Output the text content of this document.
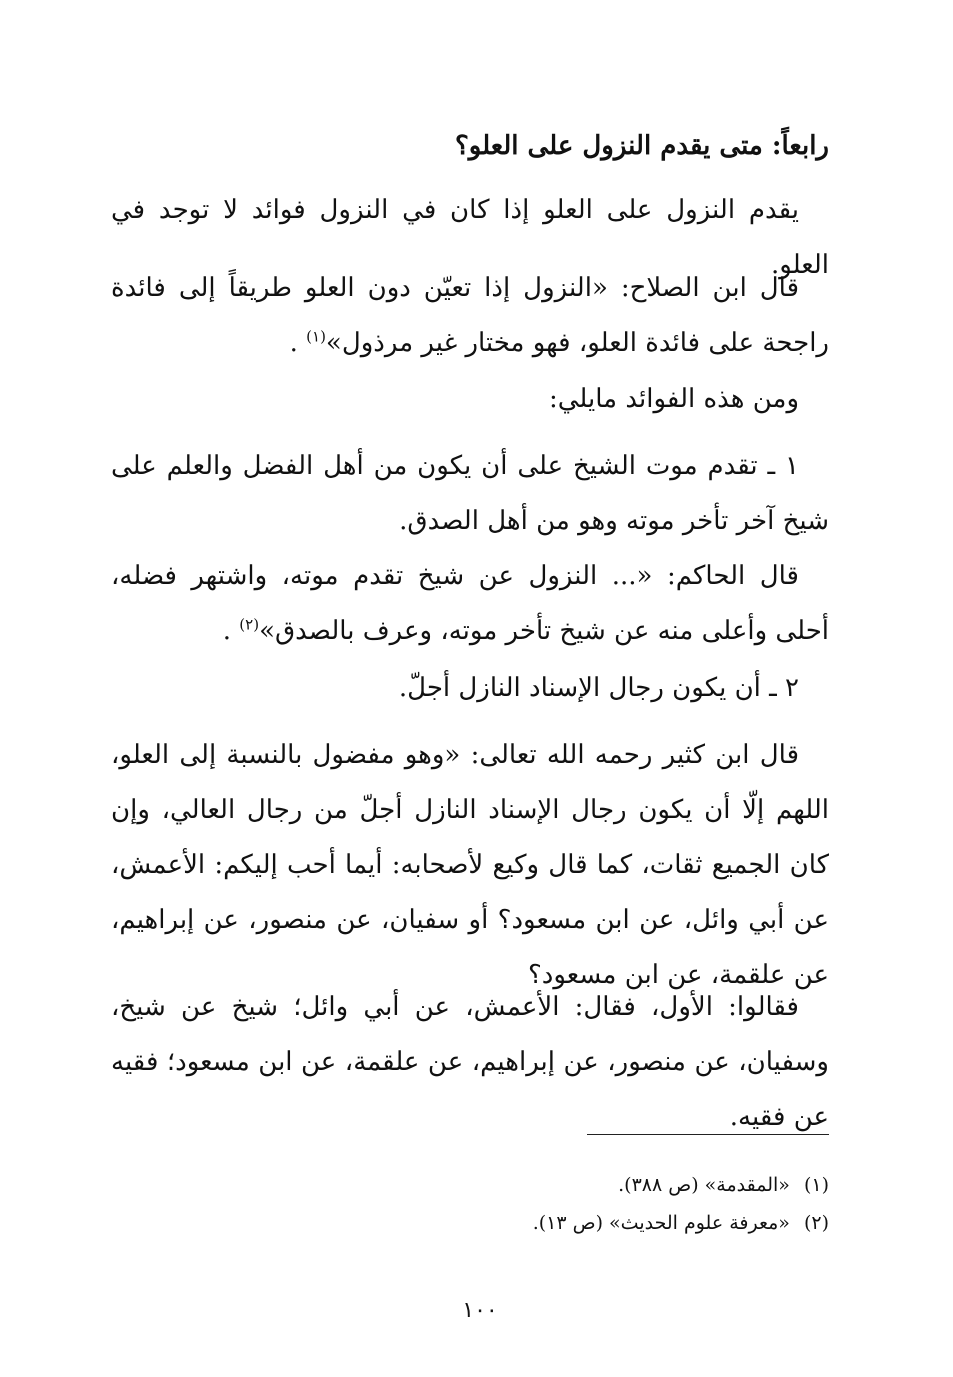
رابعاً: متى يقدم النزول على العلو؟

يقدم النزول على العلو إذا كان في النزول فوائد لا توجد في العلو.

قال ابن الصلاح: «النزول إذا تعيّن دون العلو طريقاً إلى فائدة راجحة على فائدة العلو، فهو مختار غير مرذول»$^{(١)}$ .

ومن هذه الفوائد مايلي:

١ ـ تقدم موت الشيخ على أن يكون من أهل الفضل والعلم على شيخ آخر تأخر موته وهو من أهل الصدق.

قال الحاكم: «... النزول عن شيخ تقدم موته، واشتهر فضله، أحلى وأعلى منه عن شيخ تأخر موته، وعرف بالصدق»$^{(٢)}$ .

٢ ـ أن يكون رجال الإسناد النازل أجلّ.

قال ابن كثير رحمه الله تعالى: «وهو مفضول بالنسبة إلى العلو، اللهم إلّا أن يكون رجال الإسناد النازل أجلّ من رجال العالي، وإن كان الجميع ثقات، كما قال وكيع لأصحابه: أيما أحب إليكم: الأعمش، عن أبي وائل، عن ابن مسعود؟ أو سفيان، عن منصور، عن إبراهيم، عن علقمة، عن ابن مسعود؟

فقالوا: الأول، فقال: الأعمش، عن أبي وائل؛ شيخ عن شيخ، وسفيان، عن منصور، عن إبراهيم، عن علقمة، عن ابن مسعود؛ فقيه عن فقيه.

(١)«المقدمة» (ص ٣٨٨).
(٢)«معرفة علوم الحديث» (ص ١٣).
١٠٠
